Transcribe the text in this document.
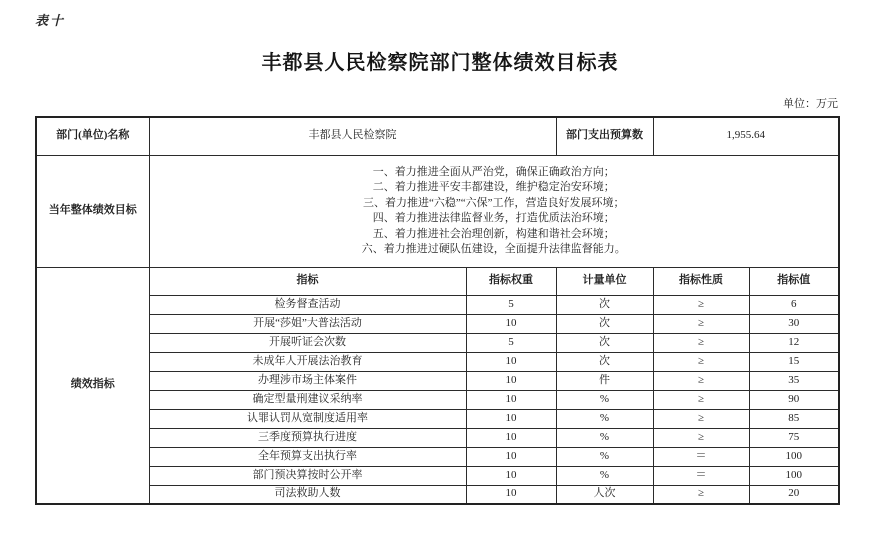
表十
丰都县人民检察院部门整体绩效目标表
单位：万元
部门(单位)名称	丰都县人民检察院		部门支出预算数	1,955.64	
当年整体绩效目标	
一、着力推进全面从严治党，确保正确政治方向；
二、着力推进平安丰都建设，维护稳定治安环境；
三、着力推进“六稳”“六保”工作，营造良好发展环境；
四、着力推进法律监督业务，打造优质法治环境；
五、着力推进社会治理创新，构建和谐社会环境；
六、着力推进过硬队伍建设，全面提升法律监督能力。

绩效指标	指标	指标权重	计量单位	指标性质	指标值
	检务督查活动	5	次	≥	6
	开展“莎姐”大普法活动	10	次	≥	30
	开展听证会次数	5	次	≥	12
	未成年人开展法治教育	10	次	≥	15
	办理涉市场主体案件	10	件	≥	35
	确定型量刑建议采纳率	10	%	≥	90
	认罪认罚从宽制度适用率	10	%	≥	85
	三季度预算执行进度	10	%	≥	75
	全年预算支出执行率	10	%	＝	100
	部门预决算按时公开率	10	%	＝	100
	司法救助人数	10	人次	≥	20
